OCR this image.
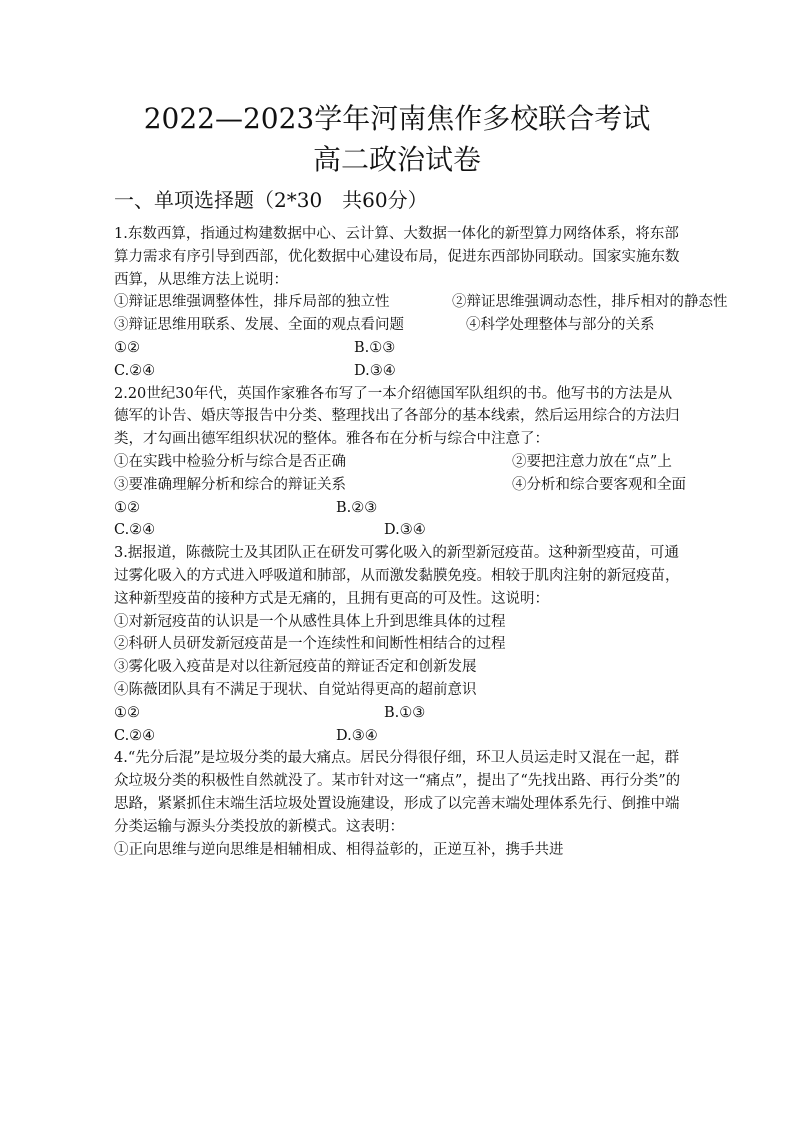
2022—2023学年河南焦作多校联合考试
高二政治试卷
一、单项选择题（2*30　共60分）

1.东数西算，指通过构建数据中心、云计算、大数据一体化的新型算力网络体系，将东部算力需求有序引导到西部，优化数据中心建设布局，促进东西部协同联动。国家实施东数西算，从思维方法上说明：

①辩证思维强调整体性，排斥局部的独立性	②辩证思维强调动态性，排斥相对的静态性
③辩证思维用联系、发展、全面的观点看问题	④科学处理整体与部分的关系
①②	B.①③
C.②④	D.③④

2.20世纪30年代，英国作家雅各布写了一本介绍德国军队组织的书。他写书的方法是从德军的讣告、婚庆等报告中分类、整理找出了各部分的基本线索，然后运用综合的方法归类，才勾画出德军组织状况的整体。雅各布在分析与综合中注意了：

①在实践中检验分析与综合是否正确	②要把注意力放在“点”上
③要准确理解分析和综合的辩证关系	④分析和综合要客观和全面
①②	B.②③
C.②④	D.③④

3.据报道，陈薇院士及其团队正在研发可雾化吸入的新型新冠疫苗。这种新型疫苗，可通过雾化吸入的方式进入呼吸道和肺部，从而激发黏膜免疫。相较于肌肉注射的新冠疫苗，这种新型疫苗的接种方式是无痛的，且拥有更高的可及性。这说明：

①对新冠疫苗的认识是一个从感性具体上升到思维具体的过程

②科研人员研发新冠疫苗是一个连续性和间断性相结合的过程

③雾化吸入疫苗是对以往新冠疫苗的辩证否定和创新发展

④陈薇团队具有不满足于现状、自觉站得更高的超前意识

①②	B.①③
C.②④	D.③④

4.“先分后混”是垃圾分类的最大痛点。居民分得很仔细，环卫人员运走时又混在一起，群众垃圾分类的积极性自然就没了。某市针对这一“痛点”，提出了“先找出路、再行分类”的思路，紧紧抓住末端生活垃圾处置设施建设，形成了以完善末端处理体系先行、倒推中端分类运输与源头分类投放的新模式。这表明：

①正向思维与逆向思维是相辅相成、相得益彰的，正逆互补，携手共进
